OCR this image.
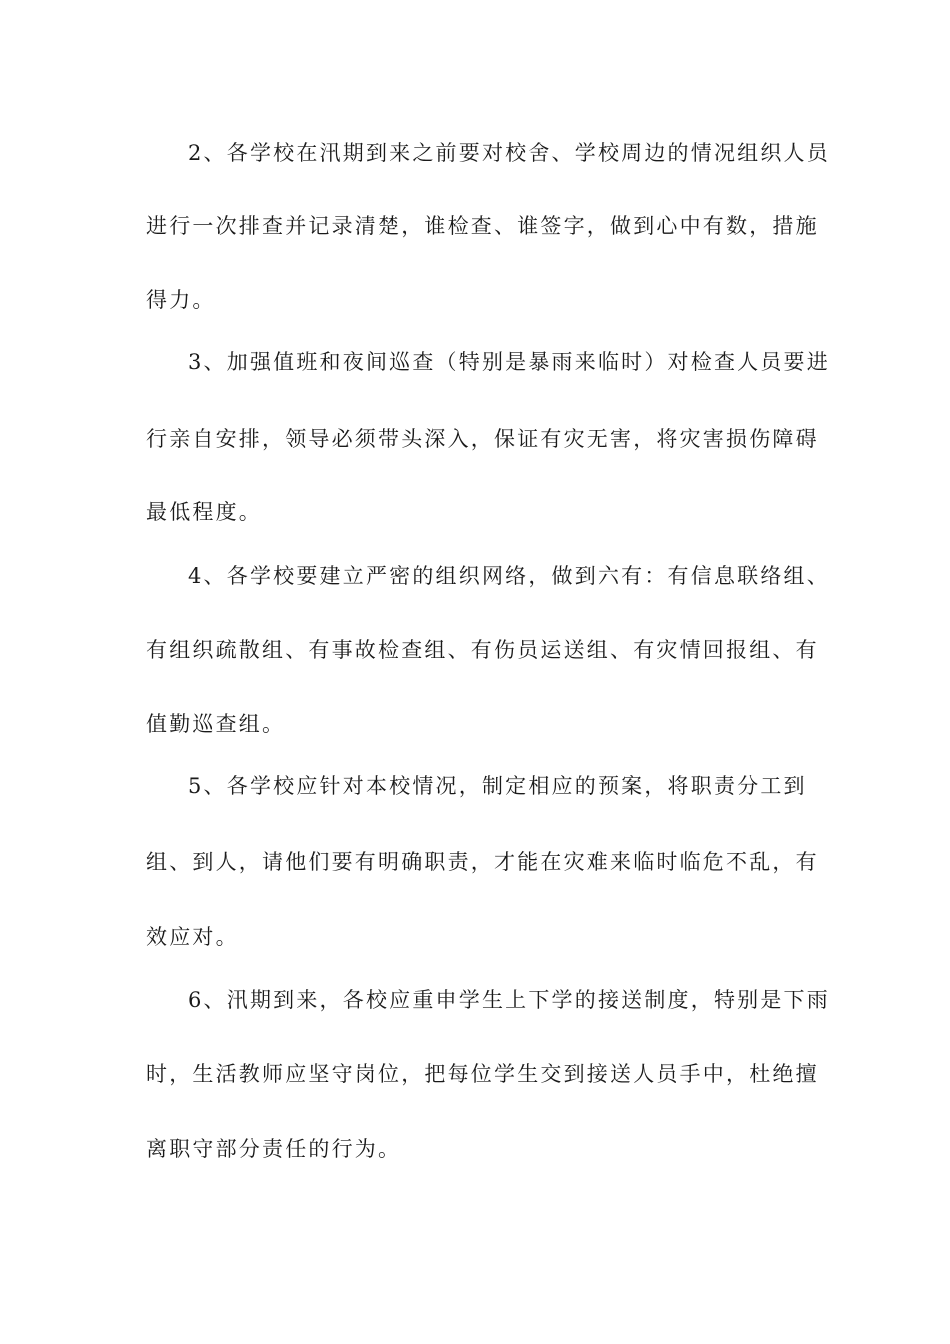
2、各学校在汛期到来之前要对校舍、学校周边的情况组织人员
进行一次排查并记录清楚，谁检查、谁签字，做到心中有数，措施
得力。
3、加强值班和夜间巡查（特别是暴雨来临时）对检查人员要进
行亲自安排，领导必须带头深入，保证有灾无害，将灾害损伤障碍
最低程度。
4、各学校要建立严密的组织网络，做到六有：有信息联络组、
有组织疏散组、有事故检查组、有伤员运送组、有灾情回报组、有
值勤巡查组。
5、各学校应针对本校情况，制定相应的预案，将职责分工到
组、到人，请他们要有明确职责，才能在灾难来临时临危不乱，有
效应对。
6、汛期到来，各校应重申学生上下学的接送制度，特别是下雨
时，生活教师应坚守岗位，把每位学生交到接送人员手中，杜绝擅
离职守部分责任的行为。
